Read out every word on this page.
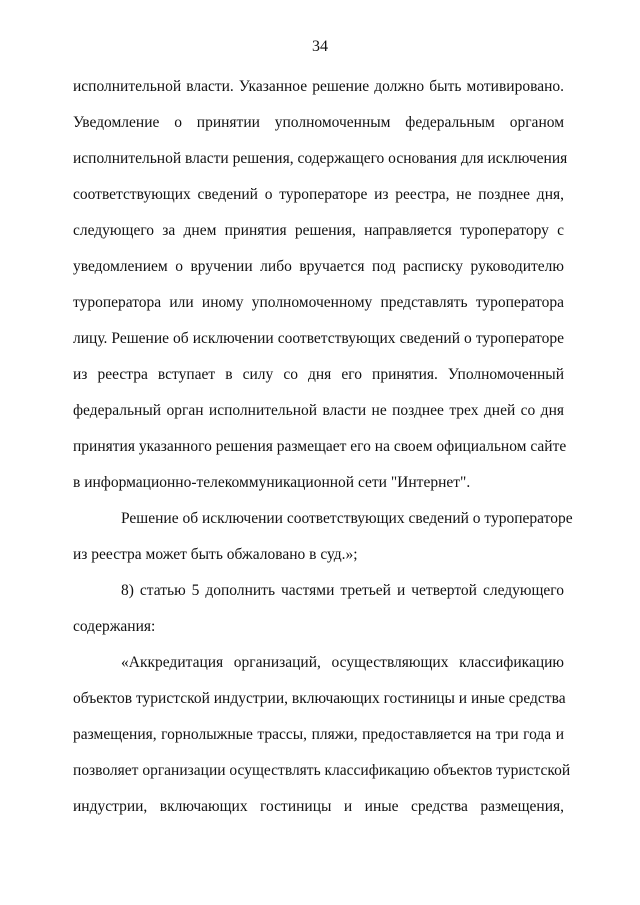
34
исполнительной власти. Указанное решение должно быть мотивировано.
Уведомление о принятии уполномоченным федеральным органом
исполнительной власти решения, содержащего основания для исключения
соответствующих сведений о туроператоре из реестра, не позднее дня,
следующего за днем принятия решения, направляется туроператору с
уведомлением о вручении либо вручается под расписку руководителю
туроператора или иному уполномоченному представлять туроператора
лицу. Решение об исключении соответствующих сведений о туроператоре
из реестра вступает в силу со дня его принятия. Уполномоченный
федеральный орган исполнительной власти не позднее трех дней со дня
принятия указанного решения размещает его на своем официальном сайте
в информационно-телекоммуникационной сети "Интернет".
Решение об исключении соответствующих сведений о туроператоре
из реестра может быть обжаловано в суд.»;
8) статью 5 дополнить частями третьей и четвертой следующего
содержания:
«Аккредитация организаций, осуществляющих классификацию
объектов туристской индустрии, включающих гостиницы и иные средства
размещения, горнолыжные трассы, пляжи, предоставляется на три года и
позволяет организации осуществлять классификацию объектов туристской
индустрии, включающих гостиницы и иные средства размещения,
